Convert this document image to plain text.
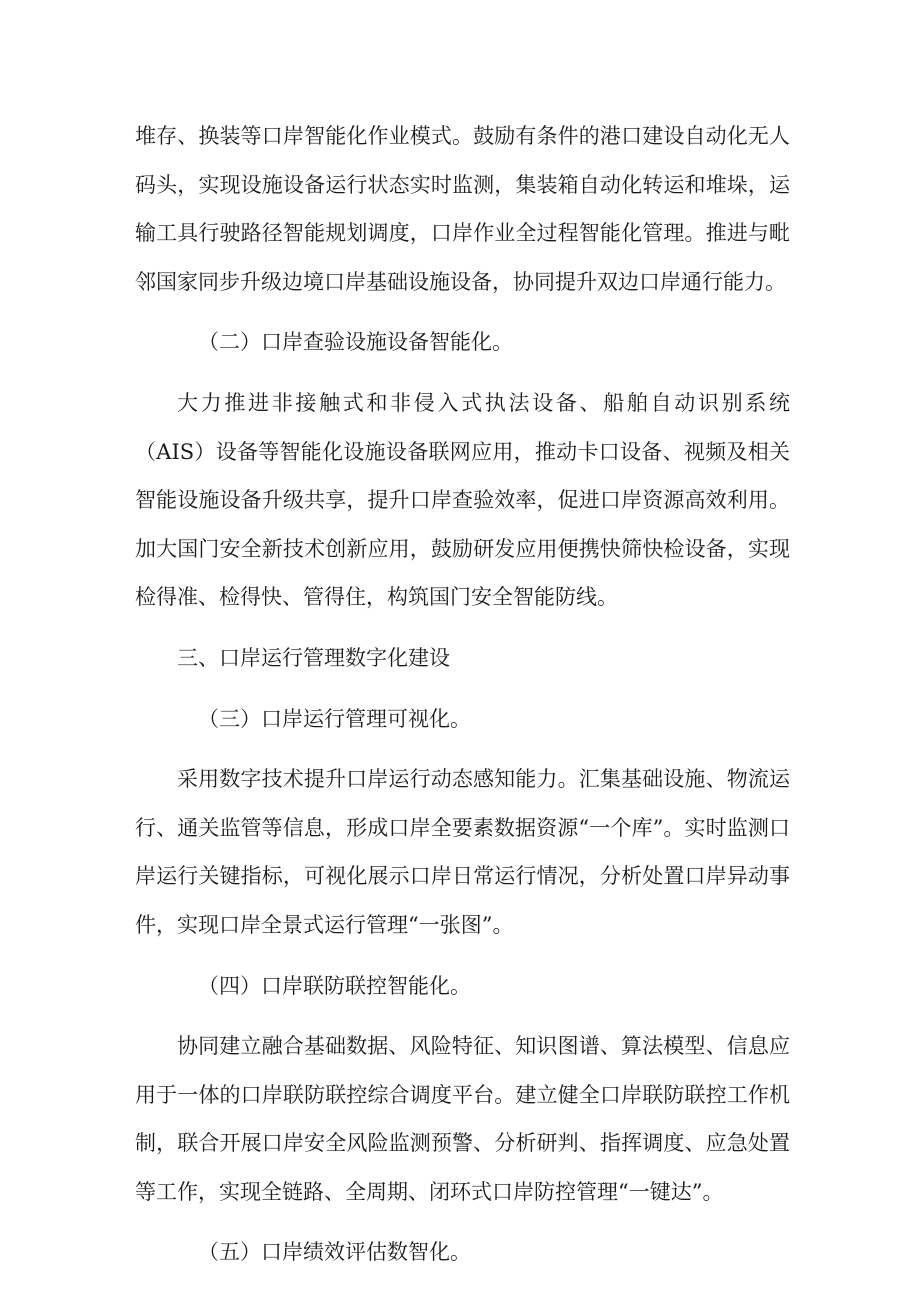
堆存、换装等口岸智能化作业模式。鼓励有条件的港口建设自动化无人码头，实现设施设备运行状态实时监测，集装箱自动化转运和堆垛，运输工具行驶路径智能规划调度，口岸作业全过程智能化管理。推进与毗邻国家同步升级边境口岸基础设施设备，协同提升双边口岸通行能力。

（二）口岸查验设施设备智能化。

大力推进非接触式和非侵入式执法设备、船舶自动识别系统（AIS）设备等智能化设施设备联网应用，推动卡口设备、视频及相关智能设施设备升级共享，提升口岸查验效率，促进口岸资源高效利用。加大国门安全新技术创新应用，鼓励研发应用便携快筛快检设备，实现检得准、检得快、管得住，构筑国门安全智能防线。

三、口岸运行管理数字化建设

（三）口岸运行管理可视化。

采用数字技术提升口岸运行动态感知能力。汇集基础设施、物流运行、通关监管等信息，形成口岸全要素数据资源“一个库”。实时监测口岸运行关键指标，可视化展示口岸日常运行情况，分析处置口岸异动事件，实现口岸全景式运行管理“一张图”。

（四）口岸联防联控智能化。

协同建立融合基础数据、风险特征、知识图谱、算法模型、信息应用于一体的口岸联防联控综合调度平台。建立健全口岸联防联控工作机制，联合开展口岸安全风险监测预警、分析研判、指挥调度、应急处置等工作，实现全链路、全周期、闭环式口岸防控管理“一键达”。

（五）口岸绩效评估数智化。
